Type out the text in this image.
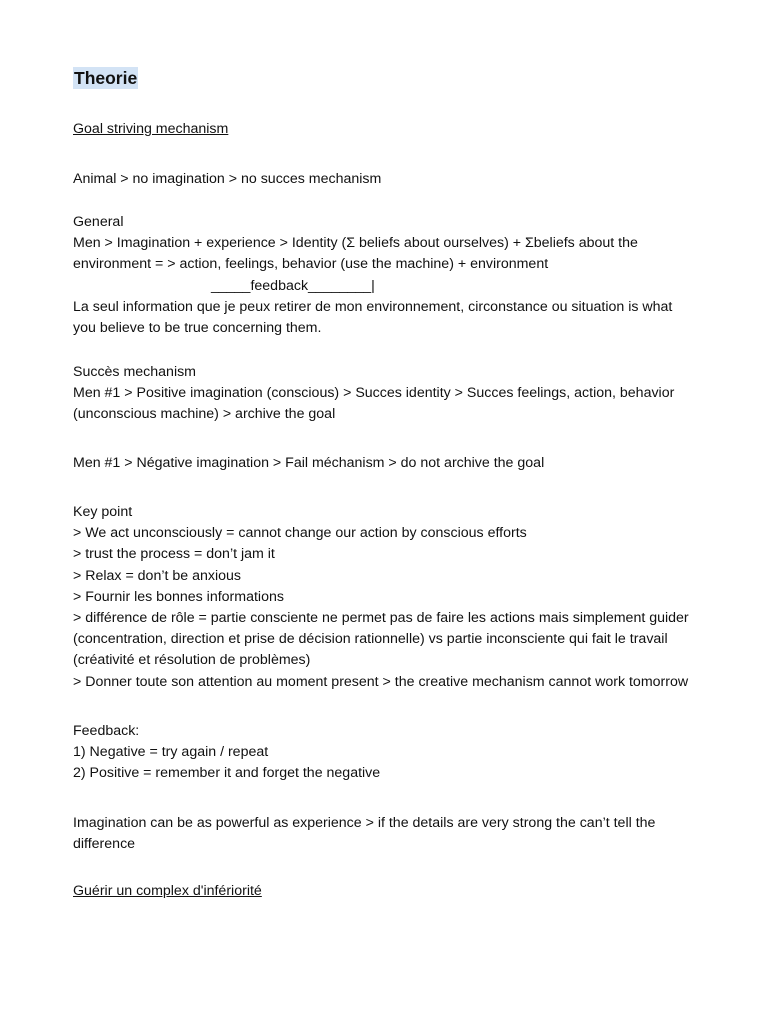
Theorie
Goal striving mechanism
Animal > no imagination > no succes mechanism
General
Men > Imagination + experience > Identity (Σ beliefs about ourselves) + Σbeliefs about the
environment = > action, feelings, behavior (use the machine) + environment
_____feedback________|
La seul information que je peux retirer de mon environnement, circonstance ou situation is what
you believe to be true concerning them.
Succès mechanism
Men #1 > Positive imagination (conscious) > Succes identity > Succes feelings, action, behavior
(unconscious machine) > archive the goal
Men #1 > Négative imagination > Fail méchanism > do not archive the goal
Key point
> We act unconsciously = cannot change our action by conscious efforts
> trust the process = don’t jam it
> Relax = don’t be anxious
> Fournir les bonnes informations
> différence de rôle = partie consciente ne permet pas de faire les actions mais simplement guider
(concentration, direction et prise de décision rationnelle) vs partie inconsciente qui fait le travail
(créativité et résolution de problèmes)
> Donner toute son attention au moment present > the creative mechanism cannot work tomorrow
Feedback:
1) Negative = try again / repeat
2) Positive = remember it and forget the negative
Imagination can be as powerful as experience > if the details are very strong the can’t tell the
difference
Guérir un complex d'infériorité
